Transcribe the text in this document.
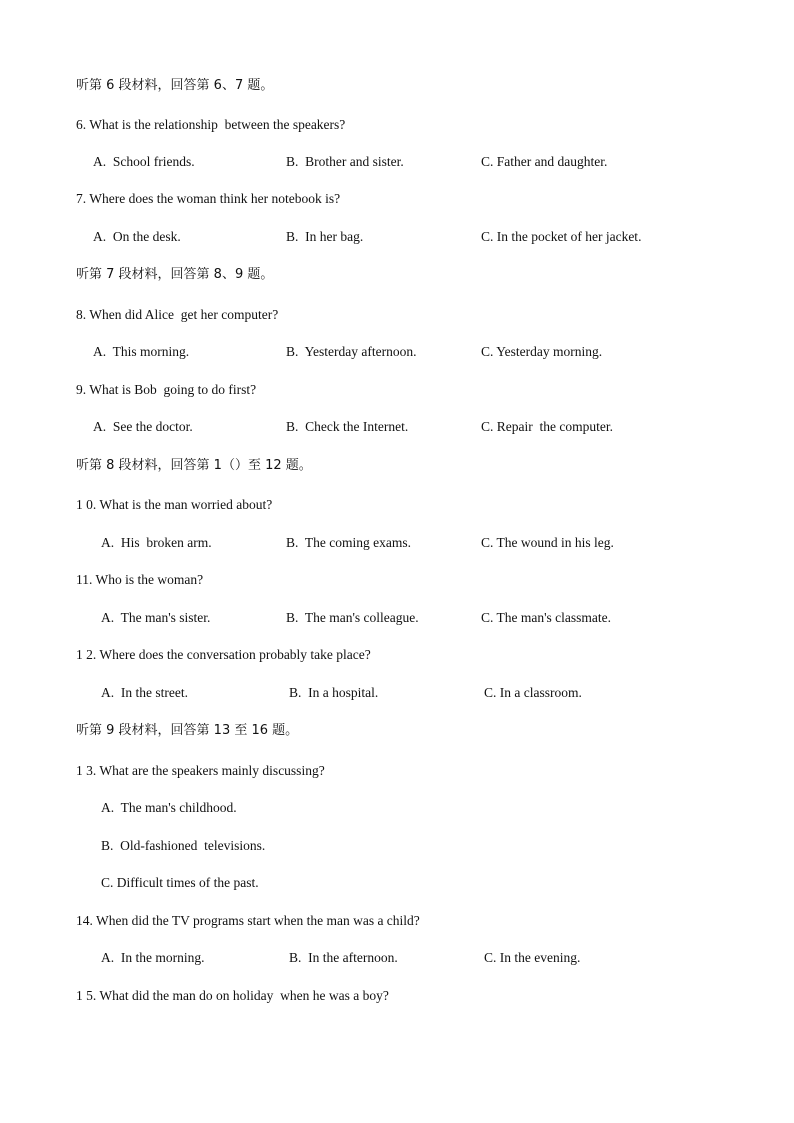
听第 6 段材料，回答第 6、7 题。

6. What is the relationship  between the speakers?

A.  School friends.

	B.  Brother and sister.

	C. Father and daughter.

7. Where does the woman think her notebook is?

A.  On the desk.

	B.  In her bag.

	C. In the pocket of her jacket.

听第 7 段材料，回答第 8、9 题。

8. When did Alice  get her computer?

A.  This morning.

	B.  Yesterday afternoon.

	C. Yesterday morning.

9. What is Bob  going to do first?

A.  See the doctor.

	B.  Check the Internet.

	C. Repair  the computer.

听第 8 段材料，回答第 1（）至 12 题。

1 0. What is the man worried about?

A.  His  broken arm.

	B.  The coming exams.

	C. The wound in his leg.

11. Who is the woman?

A.  The man's sister.

	B.  The man's colleague.

	C. The man's classmate.

1 2. Where does the conversation probably take place?

A.  In the street.

	B.  In a hospital.

	C. In a classroom.

听第 9 段材料，回答第 13 至 16 题。

1 3. What are the speakers mainly discussing?

A.  The man's childhood.

B.  Old-fashioned  televisions.

C. Difficult times of the past.

14. When did the TV programs start when the man was a child?

A.  In the morning.

	B.  In the afternoon.

	C. In the evening.

1 5. What did the man do on holiday  when he was a boy?
